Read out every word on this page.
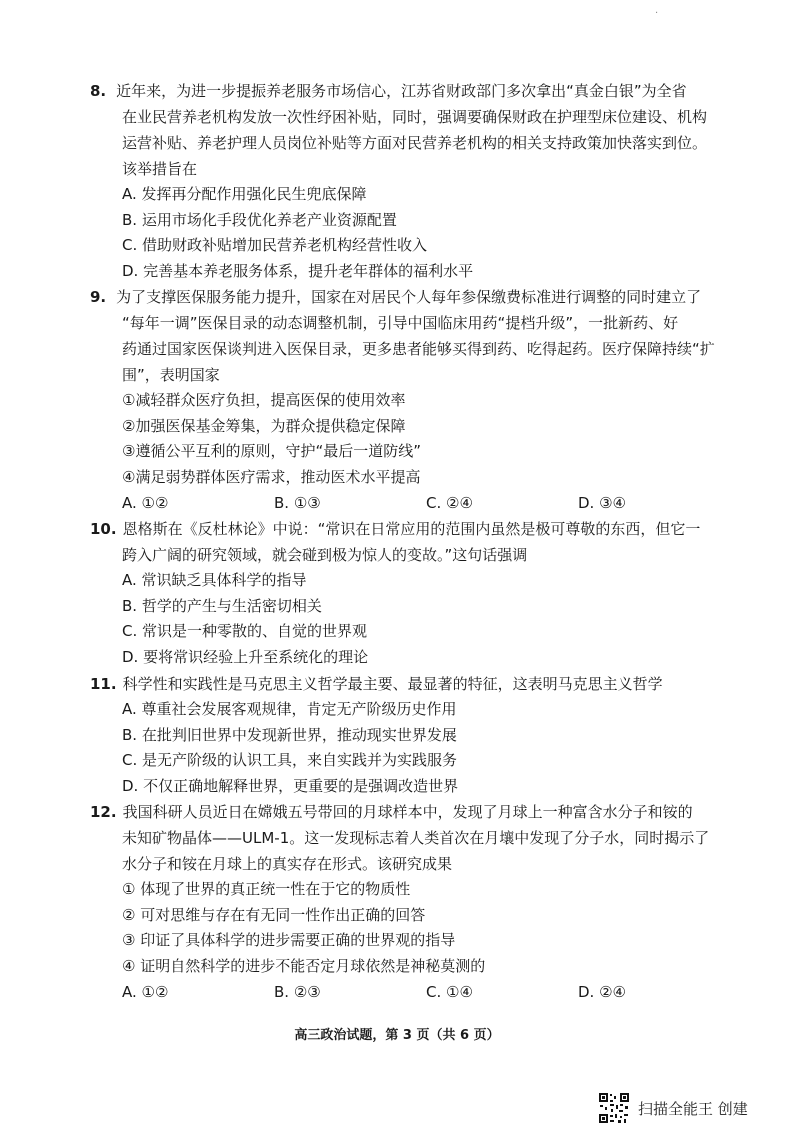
·
8. 近年来，为进一步提振养老服务市场信心，江苏省财政部门多次拿出“真金白银”为全省
在业民营养老机构发放一次性纾困补贴，同时，强调要确保财政在护理型床位建设、机构
运营补贴、养老护理人员岗位补贴等方面对民营养老机构的相关支持政策加快落实到位。
该举措旨在
A. 发挥再分配作用强化民生兜底保障
B. 运用市场化手段优化养老产业资源配置
C. 借助财政补贴增加民营养老机构经营性收入
D. 完善基本养老服务体系，提升老年群体的福利水平
9. 为了支撑医保服务能力提升，国家在对居民个人每年参保缴费标准进行调整的同时建立了
“每年一调”医保目录的动态调整机制，引导中国临床用药“提档升级”，一批新药、好
药通过国家医保谈判进入医保目录，更多患者能够买得到药、吃得起药。医疗保障持续“扩
围”，表明国家
①减轻群众医疗负担，提高医保的使用效率
②加强医保基金筹集，为群众提供稳定保障
③遵循公平互利的原则，守护“最后一道防线”
④满足弱势群体医疗需求，推动医术水平提高
A. ①②	B. ①③	C. ②④	D. ③④
10. 恩格斯在《反杜林论》中说：“常识在日常应用的范围内虽然是极可尊敬的东西，但它一
跨入广阔的研究领域，就会碰到极为惊人的变故。”这句话强调
A. 常识缺乏具体科学的指导
B. 哲学的产生与生活密切相关
C. 常识是一种零散的、自觉的世界观
D. 要将常识经验上升至系统化的理论
11. 科学性和实践性是马克思主义哲学最主要、最显著的特征，这表明马克思主义哲学
A. 尊重社会发展客观规律，肯定无产阶级历史作用
B. 在批判旧世界中发现新世界，推动现实世界发展
C. 是无产阶级的认识工具，来自实践并为实践服务
D. 不仅正确地解释世界，更重要的是强调改造世界
12. 我国科研人员近日在嫦娥五号带回的月球样本中，发现了月球上一种富含水分子和铵的
未知矿物晶体——ULM-1。这一发现标志着人类首次在月壤中发现了分子水，同时揭示了
水分子和铵在月球上的真实存在形式。该研究成果
① 体现了世界的真正统一性在于它的物质性
② 可对思维与存在有无同一性作出正确的回答
③ 印证了具体科学的进步需要正确的世界观的指导
④ 证明自然科学的进步不能否定月球依然是神秘莫测的
A. ①②	B. ②③	C. ①④	D. ②④
高三政治试题，第 3 页（共 6 页）
扫描全能王 创建
